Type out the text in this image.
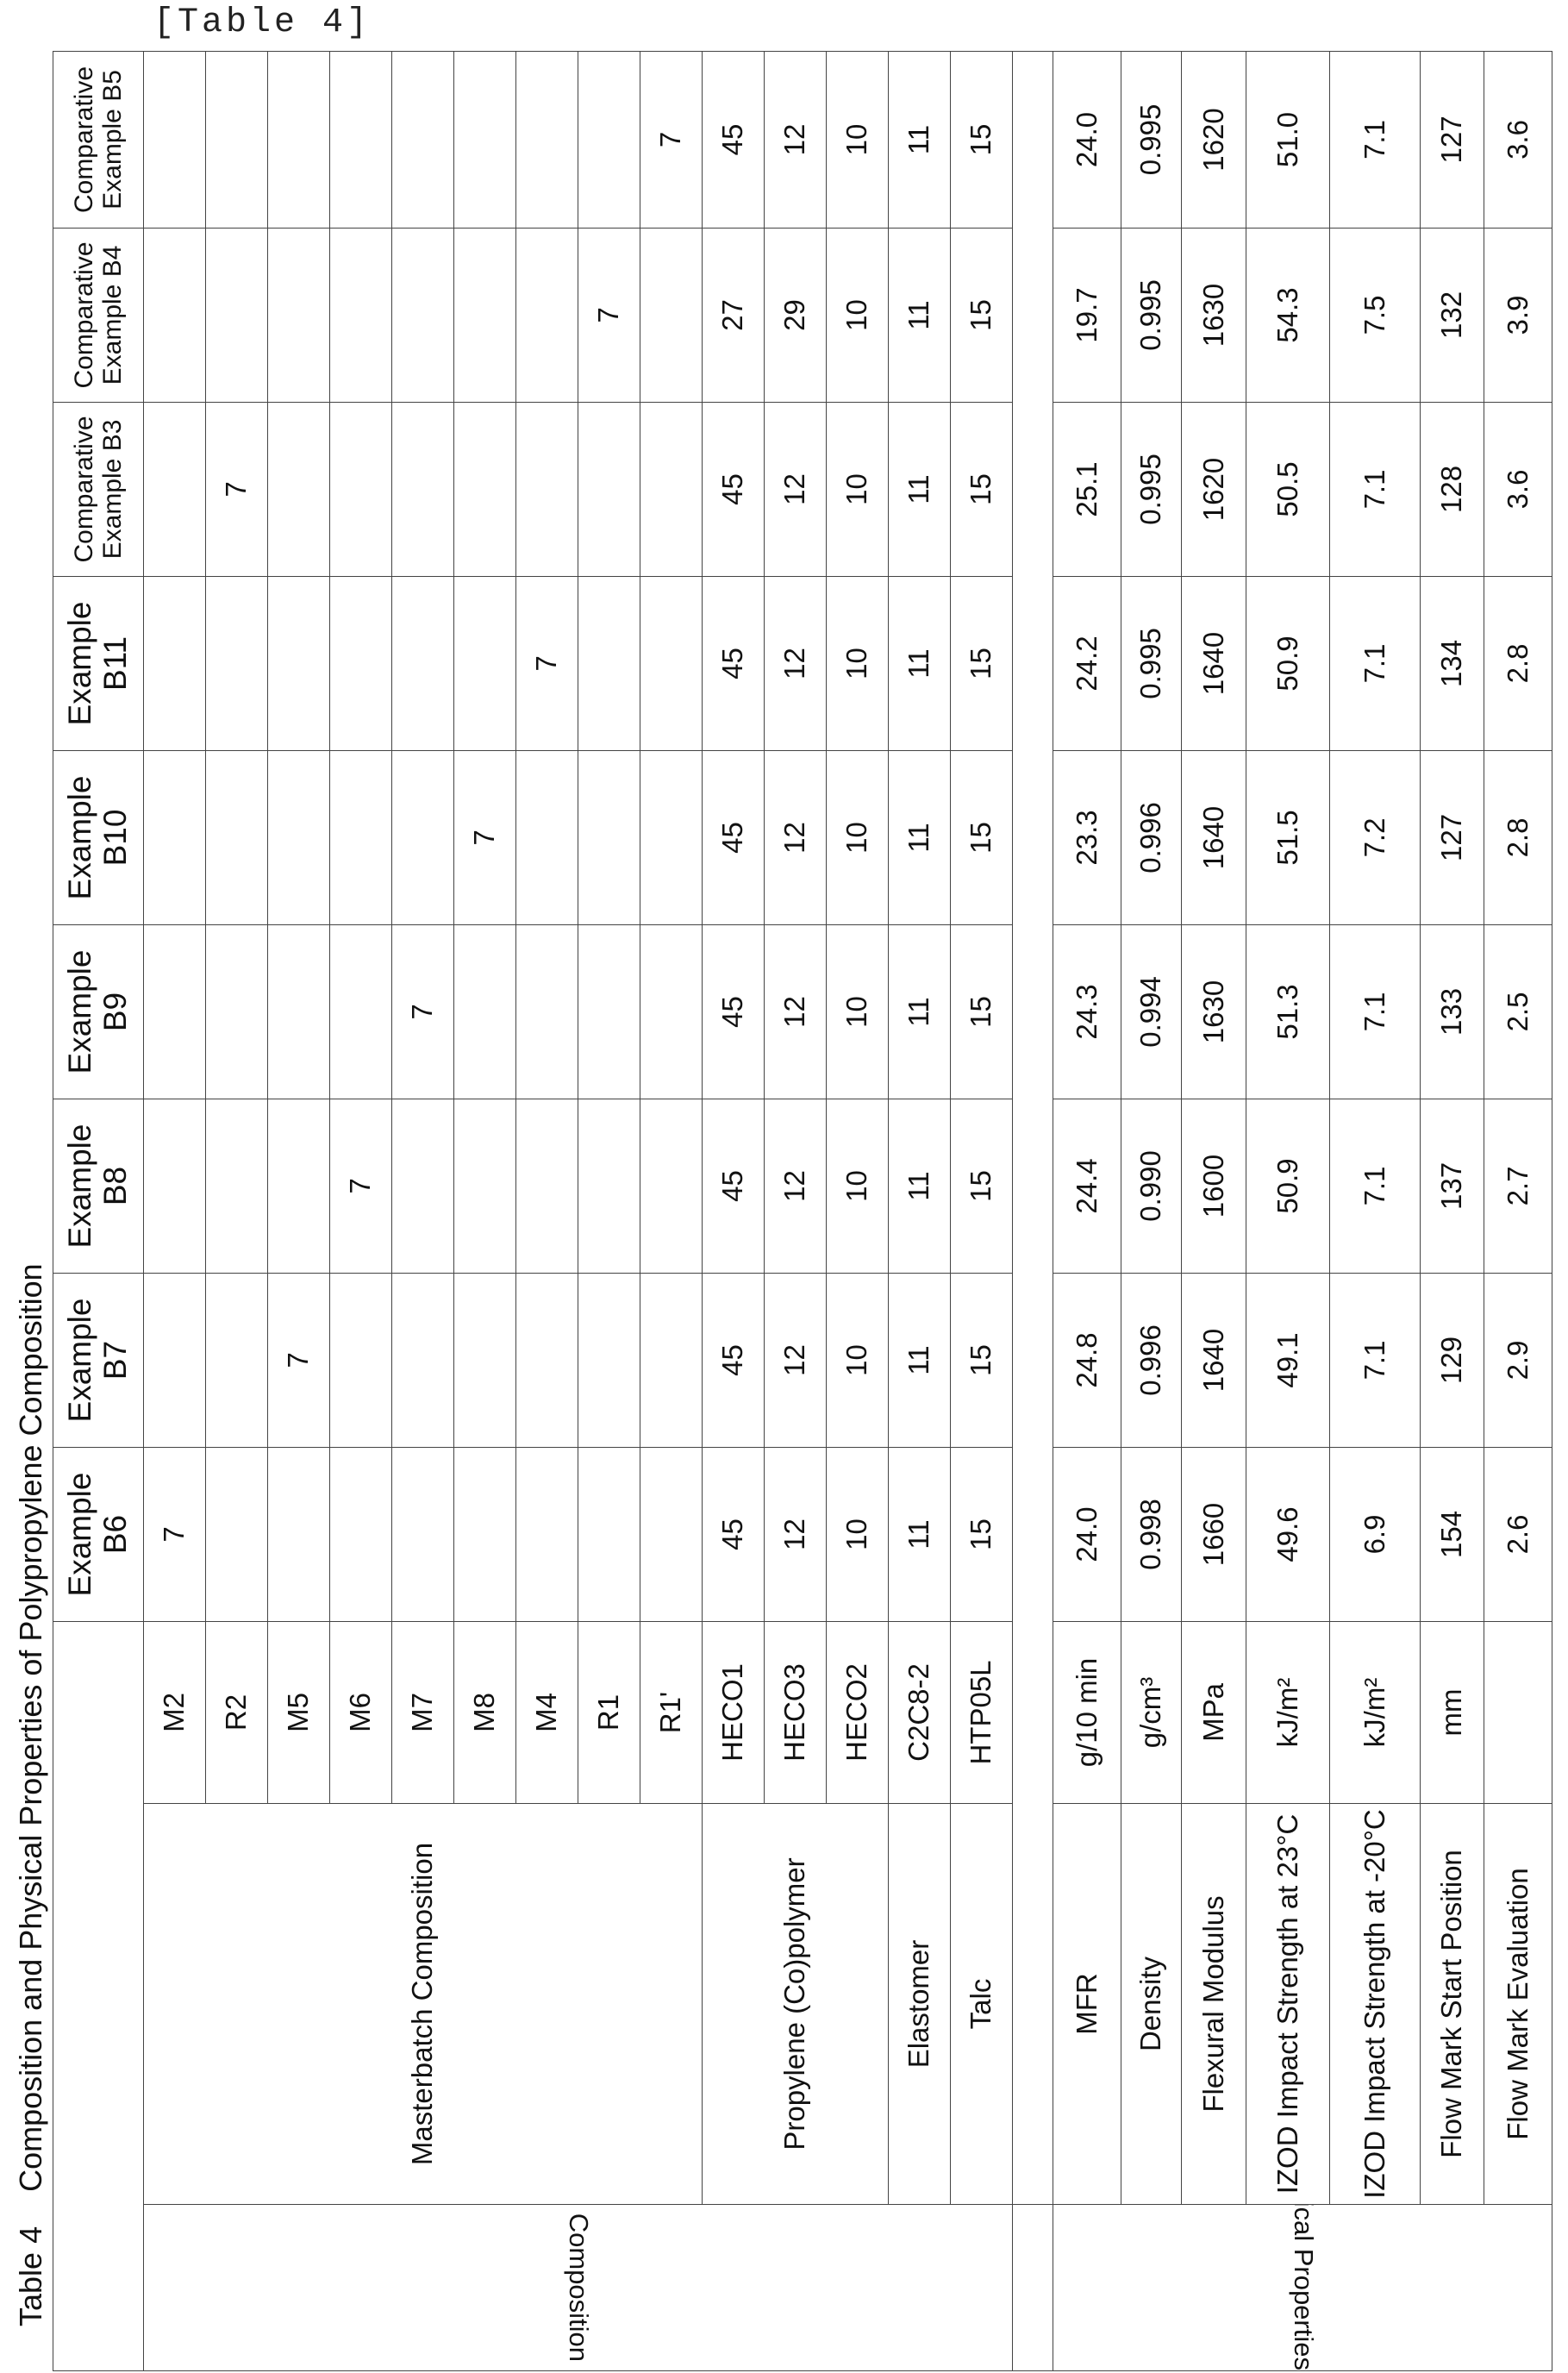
[Table 4]
Table 4    Composition and Physical Properties of Polypropylene Composition
	Example
B6	Example
B7	Example
B8	Example
B9	Example
B10	Example
B11	Comparative
Example B3	Comparative
Example B4	Comparative
Example B5
Composition	Masterbatch Composition	M2	7								
R2							7		
M5		7							
M6			7						
M7				7					
M8					7				
M4						7			
R1								7	
R1'									7
Propylene (Co)polymer	HECO1	45	45	45	45	45	45	45	27	45
HECO3	12	12	12	12	12	12	12	29	12
HECO2	10	10	10	10	10	10	10	10	10
Elastomer	C2C8-2	11	11	11	11	11	11	11	11	11
Talc	HTP05L	15	15	15	15	15	15	15	15	15

Physical Properties	MFR	g/10 min	24.0	24.8	24.4	24.3	23.3	24.2	25.1	19.7	24.0
Density	g/cm³	0.998	0.996	0.990	0.994	0.996	0.995	0.995	0.995	0.995
Flexural Modulus	MPa	1660	1640	1600	1630	1640	1640	1620	1630	1620
IZOD Impact Strength at 23°C	kJ/m²	49.6	49.1	50.9	51.3	51.5	50.9	50.5	54.3	51.0
IZOD Impact Strength at -20°C	kJ/m²	6.9	7.1	7.1	7.1	7.2	7.1	7.1	7.5	7.1
Flow Mark Start Position	mm	154	129	137	133	127	134	128	132	127
Flow Mark Evaluation		2.6	2.9	2.7	2.5	2.8	2.8	3.6	3.9	3.6
